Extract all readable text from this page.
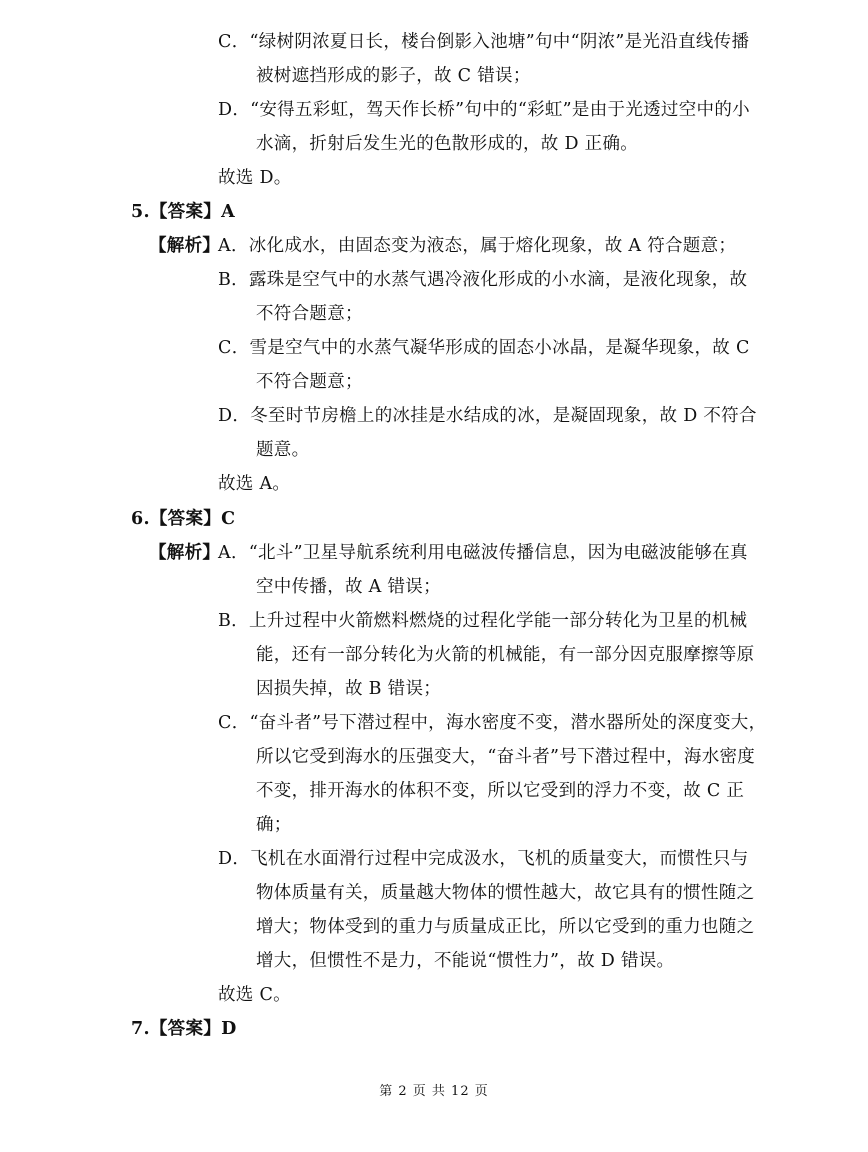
C．“绿树阴浓夏日长，楼台倒影入池塘”句中“阴浓”是光沿直线传播
被树遮挡形成的影子，故 C 错误；
D．“安得五彩虹，驾天作长桥”句中的“彩虹”是由于光透过空中的小
水滴，折射后发生光的色散形成的，故 D 正确。
故选 D。
5.【答案】A
【解析】
A．冰化成水，由固态变为液态，属于熔化现象，故 A 符合题意；
B．露珠是空气中的水蒸气遇冷液化形成的小水滴，是液化现象，故
不符合题意；
C．雪是空气中的水蒸气凝华形成的固态小冰晶，是凝华现象，故 C
不符合题意；
D．冬至时节房檐上的冰挂是水结成的冰，是凝固现象，故 D 不符合
题意。
故选 A。
6.【答案】C
【解析】
A．“北斗”卫星导航系统利用电磁波传播信息，因为电磁波能够在真
空中传播，故 A 错误；
B．上升过程中火箭燃料燃烧的过程化学能一部分转化为卫星的机械
能，还有一部分转化为火箭的机械能，有一部分因克服摩擦等原
因损失掉，故 B 错误；
C．“奋斗者”号下潜过程中，海水密度不变，潜水器所处的深度变大，
所以它受到海水的压强变大，“奋斗者”号下潜过程中，海水密度
不变，排开海水的体积不变，所以它受到的浮力不变，故 C 正
确；
D．飞机在水面滑行过程中完成汲水，飞机的质量变大，而惯性只与
物体质量有关，质量越大物体的惯性越大，故它具有的惯性随之
增大；物体受到的重力与质量成正比，所以它受到的重力也随之
增大，但惯性不是力，不能说“惯性力”，故 D 错误。
故选 C。
7.【答案】D
第 2 页 共 12 页
